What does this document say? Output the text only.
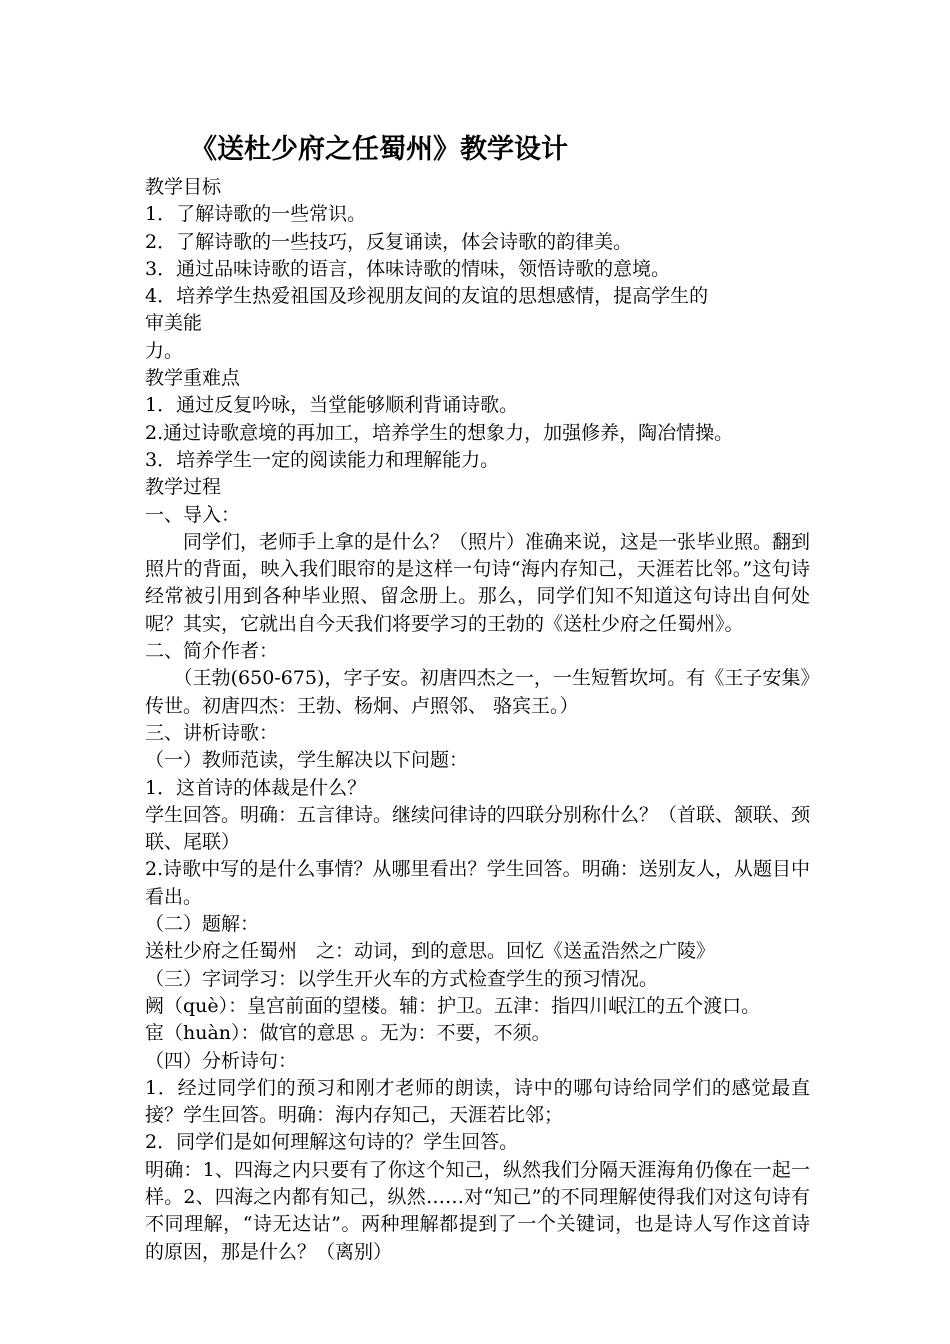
《送杜少府之任蜀州》教学设计
教学目标
1．了解诗歌的一些常识。
2．了解诗歌的一些技巧，反复诵读，体会诗歌的韵律美。
3．通过品味诗歌的语言，体味诗歌的情味，领悟诗歌的意境。
4．培养学生热爱祖国及珍视朋友间的友谊的思想感情，提高学生的
审美能
力。
教学重难点
1．通过反复吟咏，当堂能够顺利背诵诗歌。
2.通过诗歌意境的再加工，培养学生的想象力，加强修养，陶冶情操。
3．培养学生一定的阅读能力和理解能力。
教学过程
一、导入：
同学们，老师手上拿的是什么？（照片）准确来说，这是一张毕业照。翻到照片的背面，映入我们眼帘的是这样一句诗“海内存知己，天涯若比邻。”这句诗经常被引用到各种毕业照、留念册上。那么，同学们知不知道这句诗出自何处呢？其实，它就出自今天我们将要学习的王勃的《送杜少府之任蜀州》。
二、简介作者：
（王勃(650-675)，字子安。初唐四杰之一，一生短暂坎坷。有《王子安集》传世。初唐四杰：王勃、杨炯、卢照邻、 骆宾王。）
三、讲析诗歌：
（一）教师范读，学生解决以下问题：
1．这首诗的体裁是什么？
学生回答。明确：五言律诗。继续问律诗的四联分别称什么？（首联、颔联、颈联、尾联）
2.诗歌中写的是什么事情？从哪里看出？学生回答。明确：送别友人，从题目中看出。
（二）题解：
送杜少府之任蜀州　之：动词，到的意思。回忆《送孟浩然之广陵》
（三）字词学习：以学生开火车的方式检查学生的预习情况。
阙（què）：皇宫前面的望楼。辅：护卫。五津：指四川岷江的五个渡口。
宦（huàn）：做官的意思 。无为：不要，不须。
（四）分析诗句：
1．经过同学们的预习和刚才老师的朗读，诗中的哪句诗给同学们的感觉最直接？学生回答。明确：海内存知己，天涯若比邻；
2．同学们是如何理解这句诗的？学生回答。
明确：1、四海之内只要有了你这个知己，纵然我们分隔天涯海角仍像在一起一样。2、四海之内都有知己，纵然……对“知己”的不同理解使得我们对这句诗有不同理解，“诗无达诂”。两种理解都提到了一个关键词，也是诗人写作这首诗的原因，那是什么？（离别）
